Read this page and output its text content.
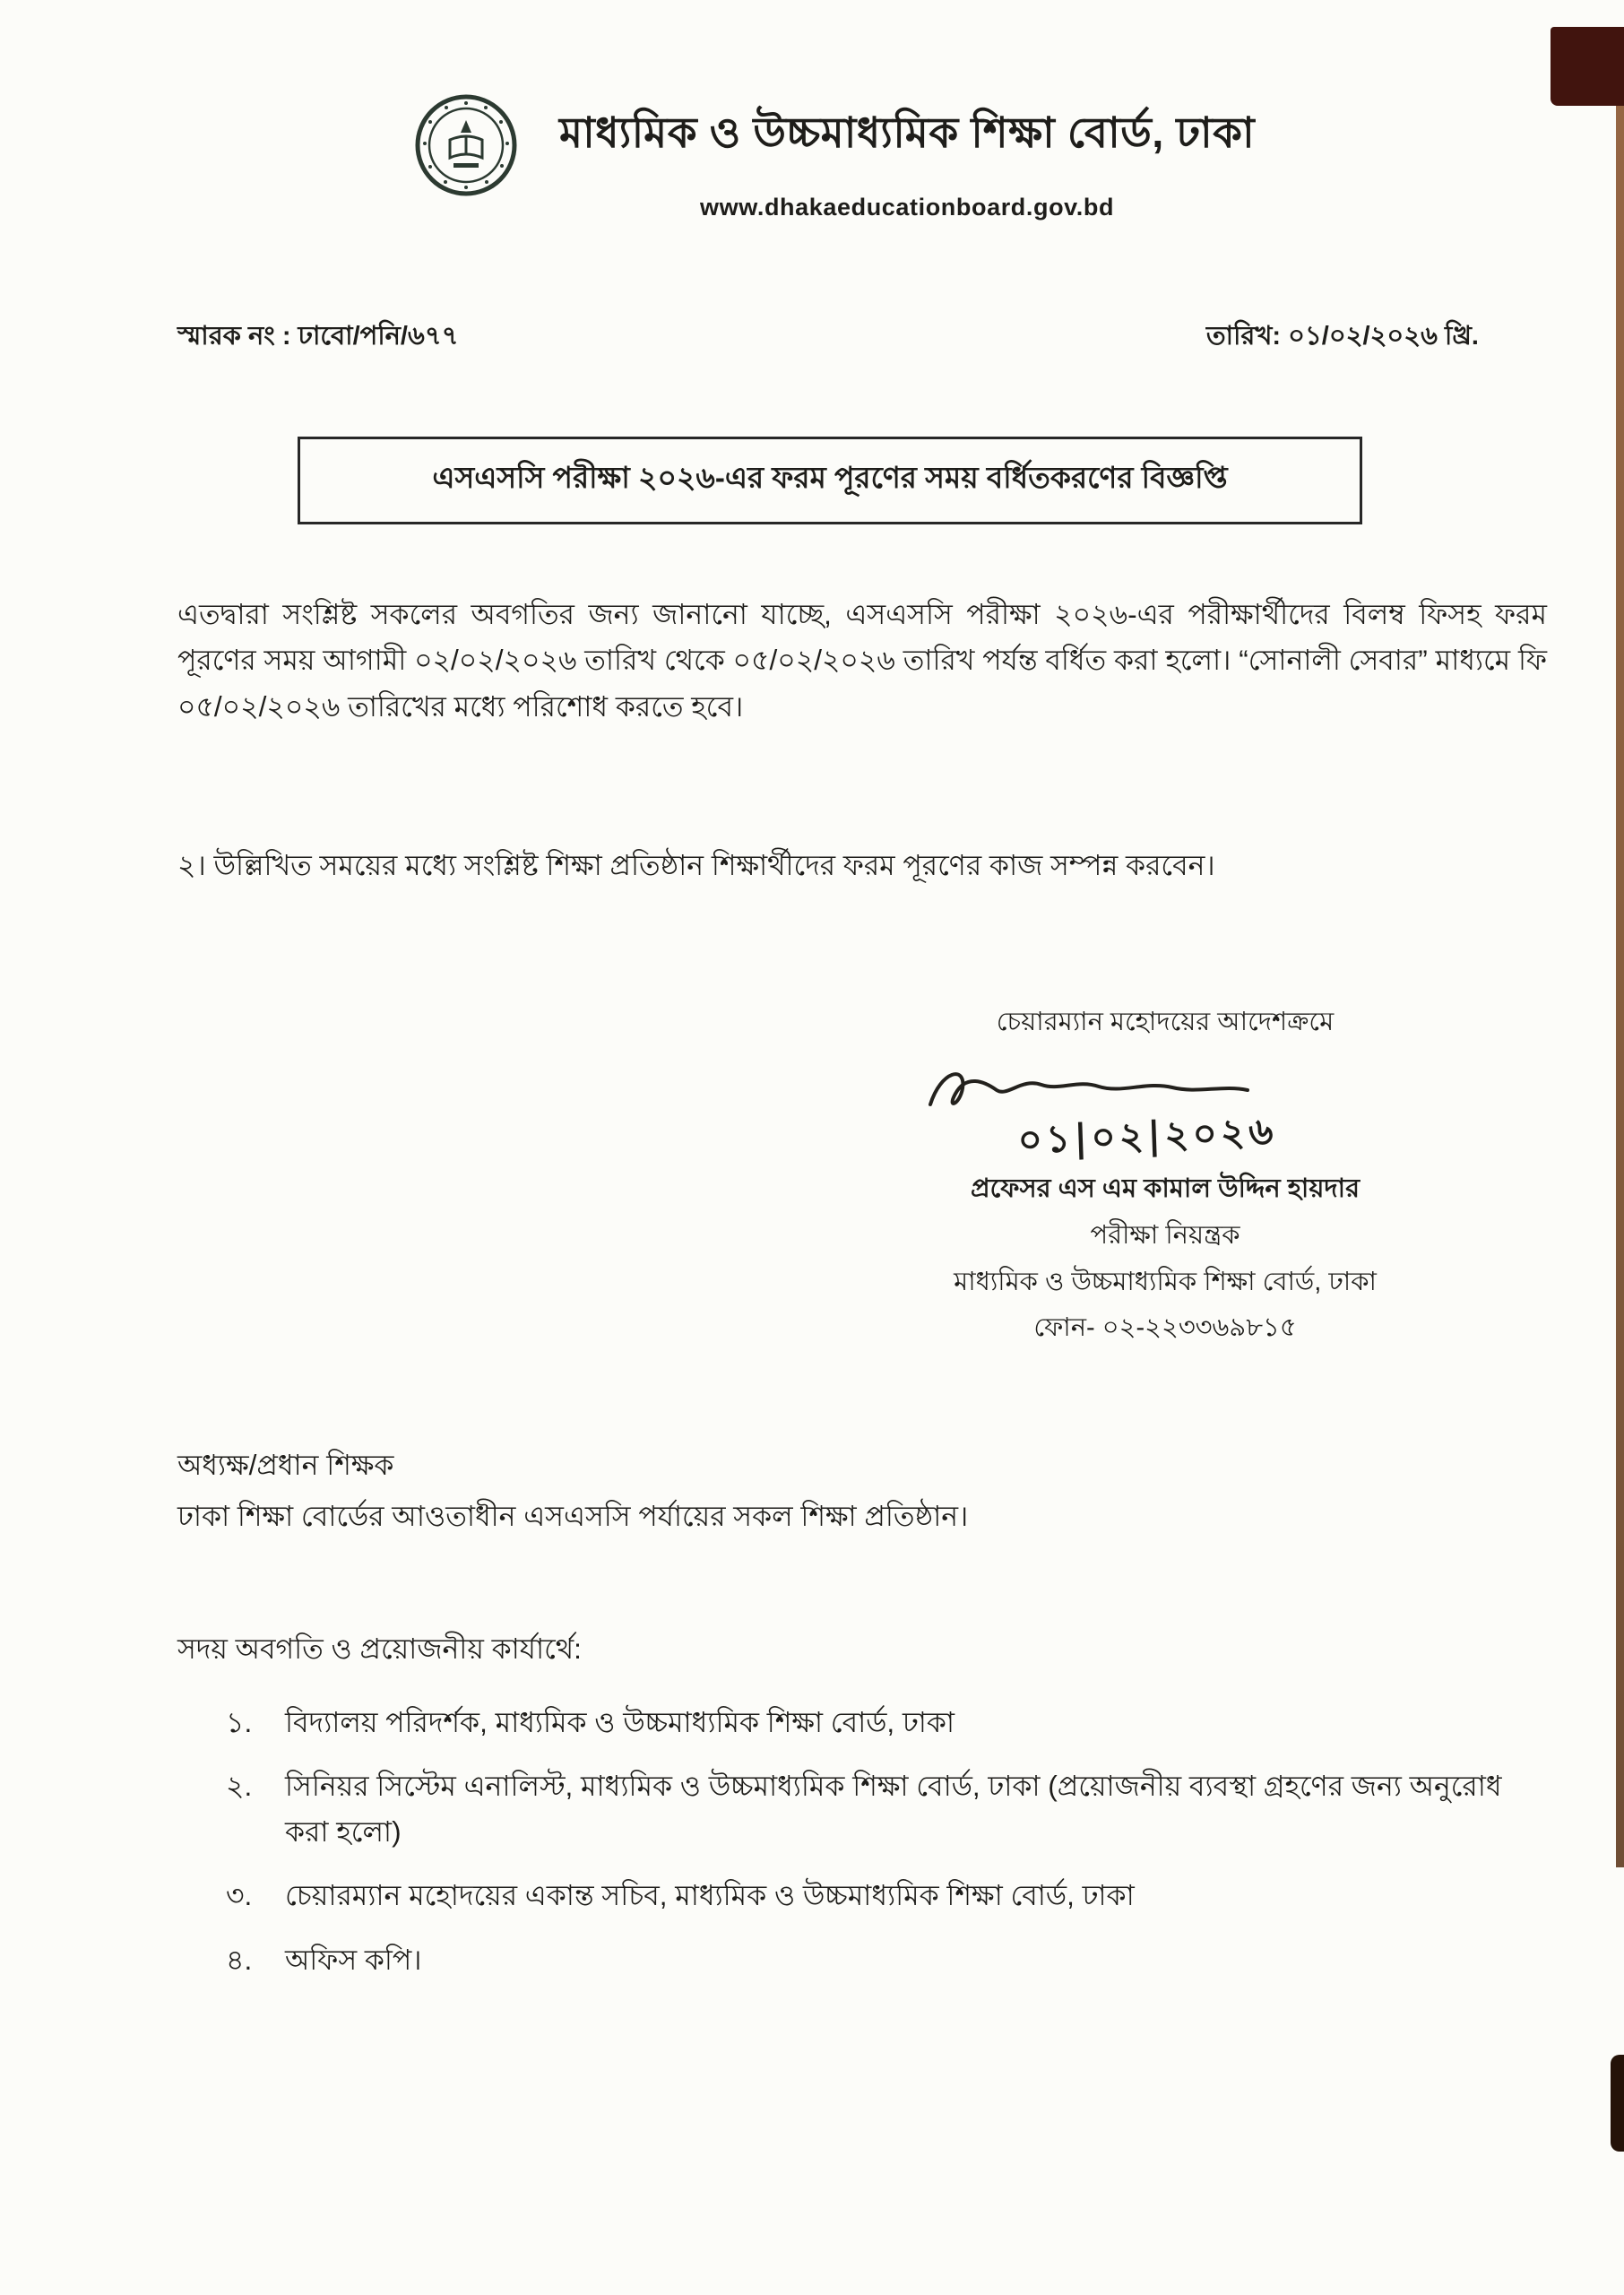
মাধ্যমিক ও উচ্চমাধ্যমিক শিক্ষা বোর্ড, ঢাকা
www.dhakaeducationboard.gov.bd
স্মারক নং : ঢাবো/পনি/৬৭৭	তারিখ: ০১/০২/২০২৬ খ্রি.
এসএসসি পরীক্ষা ২০২৬-এর ফরম পূরণের সময় বর্ধিতকরণের বিজ্ঞপ্তি

এতদ্বারা সংশ্লিষ্ট সকলের অবগতির জন্য জানানো যাচ্ছে, এসএসসি পরীক্ষা ২০২৬-এর পরীক্ষার্থীদের বিলম্ব ফিসহ ফরম পূরণের সময় আগামী ০২/০২/২০২৬ তারিখ থেকে ০৫/০২/২০২৬ তারিখ পর্যন্ত বর্ধিত করা হলো। “সোনালী সেবার” মাধ্যমে ফি ০৫/০২/২০২৬ তারিখের মধ্যে পরিশোধ করতে হবে।

২। উল্লিখিত সময়ের মধ্যে সংশ্লিষ্ট শিক্ষা প্রতিষ্ঠান শিক্ষার্থীদের ফরম পূরণের কাজ সম্পন্ন করবেন।

চেয়ারম্যান মহোদয়ের আদেশক্রমে
০১|০২|২০২৬
প্রফেসর এস এম কামাল উদ্দিন হায়দার
পরীক্ষা নিয়ন্ত্রক
মাধ্যমিক ও উচ্চমাধ্যমিক শিক্ষা বোর্ড, ঢাকা
ফোন- ০২-২২৩৩৬৯৮১৫
অধ্যক্ষ/প্রধান শিক্ষক
ঢাকা শিক্ষা বোর্ডের আওতাধীন এসএসসি পর্যায়ের সকল শিক্ষা প্রতিষ্ঠান।
সদয় অবগতি ও প্রয়োজনীয় কার্যার্থে:
১.	বিদ্যালয় পরিদর্শক, মাধ্যমিক ও উচ্চমাধ্যমিক শিক্ষা বোর্ড, ঢাকা
২.	সিনিয়র সিস্টেম এনালিস্ট, মাধ্যমিক ও উচ্চমাধ্যমিক শিক্ষা বোর্ড, ঢাকা (প্রয়োজনীয় ব্যবস্থা গ্রহণের জন্য অনুরোধ করা হলো)
৩.	চেয়ারম্যান মহোদয়ের একান্ত সচিব, মাধ্যমিক ও উচ্চমাধ্যমিক শিক্ষা বোর্ড, ঢাকা
৪.	অফিস কপি।
